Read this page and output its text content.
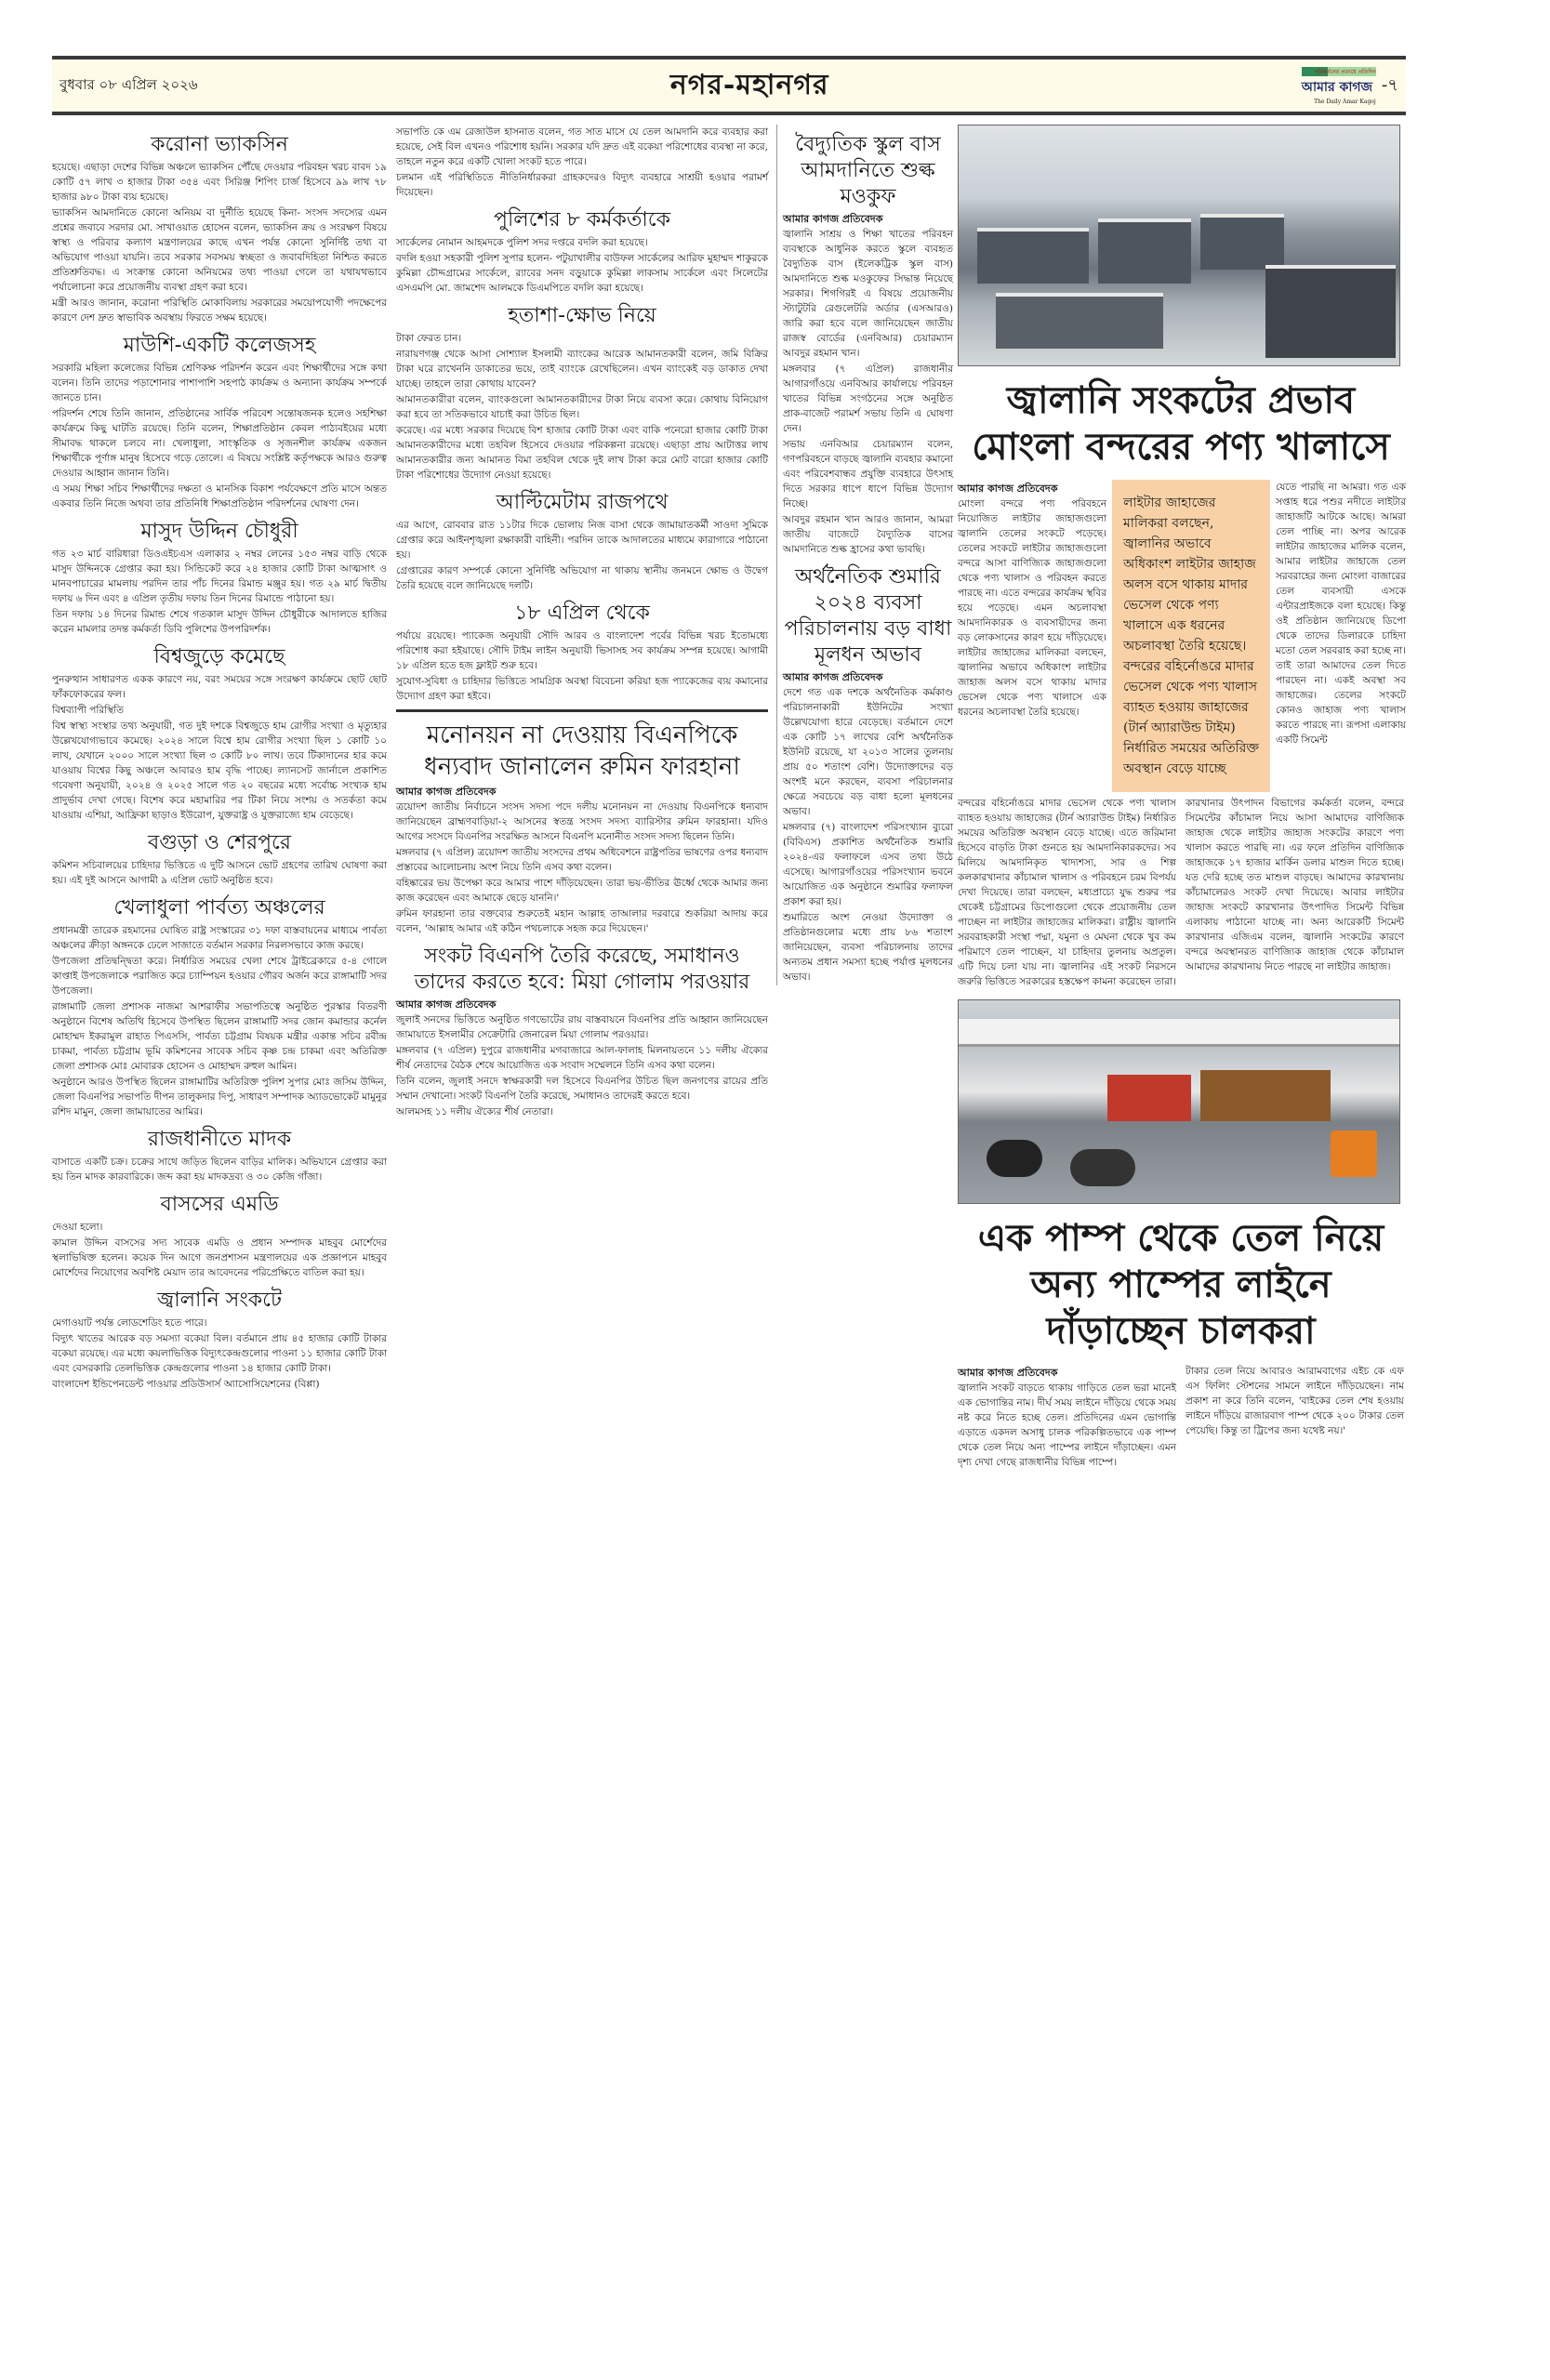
বুধবার ০৮ এপ্রিল ২০২৬	নগর-মহানগর	পরিবর্তনের প্রত্যয়ে প্রতিদিন
আমার কাগজ
The Daily Amar Kagoj
-৭
করোনা ভ্যাকসিন

হয়েছে। এছাড়া দেশের বিভিন্ন অঞ্চলে ভ্যাকসিন পৌঁছে দেওয়ার পরিবহন খরচ বাবদ ১৯ কোটি ৫৭ লাখ ৩ হাজার টাকা ৩৫৪ এবং সিরিঞ্জ শিপিং চার্জ হিসেবে ৯৯ লাখ ৭৮ হাজার ৯৮০ টাকা ব্যয় হয়েছে।

ভ্যাকসিন আমদানিতে কোনো অনিয়ম বা দুর্নীতি হয়েছে কিনা- সংসদ সদস্যের এমন প্রশ্নের জবাবে সরদার মো. সাখাওয়াত হোসেন বলেন, ভ্যাকসিন ক্রয় ও সংরক্ষণ বিষয়ে স্বাস্থ্য ও পরিবার কল্যাণ মন্ত্রণালয়ের কাছে এখন পর্যন্ত কোনো সুনির্দিষ্ট তথ্য বা অভিযোগ পাওয়া যায়নি। তবে সরকার সবসময় স্বচ্ছতা ও জবাবদিহিতা নিশ্চিত করতে প্রতিশ্রুতিবদ্ধ। এ সংক্রান্ত কোনো অনিয়মের তথ্য পাওয়া গেলে তা যথাযথভাবে পর্যালোচনা করে প্রয়োজনীয় ব্যবস্থা গ্রহণ করা হবে।

মন্ত্রী আরও জানান, করোনা পরিস্থিতি মোকাবিলায় সরকারের সময়োপযোগী পদক্ষেপের কারণে দেশ দ্রুত স্বাভাবিক অবস্থায় ফিরতে সক্ষম হয়েছে।

মাউশি-একটি কলেজসহ

সরকারি মহিলা কলেজের বিভিন্ন শ্রেণিকক্ষ পরিদর্শন করেন এবং শিক্ষার্থীদের সঙ্গে কথা বলেন। তিনি তাদের পড়াশোনার পাশাপাশি সহপাঠ কার্যক্রম ও অন্যান্য কার্যক্রম সম্পর্কে জানতে চান।

পরিদর্শন শেষে তিনি জানান, প্রতিষ্ঠানের সার্বিক পরিবেশ সন্তোষজনক হলেও সহশিক্ষা কার্যক্রমে কিছু ঘাটতি রয়েছে। তিনি বলেন, শিক্ষাপ্রতিষ্ঠান কেবল পাঠ্যবইয়ের মধ্যে সীমাবদ্ধ থাকলে চলবে না। খেলাধুলা, সাংস্কৃতিক ও সৃজনশীল কার্যক্রম একজন শিক্ষার্থীকে পূর্ণাঙ্গ মানুষ হিসেবে গড়ে তোলে। এ বিষয়ে সংশ্লিষ্ট কর্তৃপক্ষকে আরও গুরুত্ব দেওয়ার আহ্বান জানান তিনি।

এ সময় শিক্ষা সচিব শিক্ষার্থীদের দক্ষতা ও মানসিক বিকাশ পর্যবেক্ষণে প্রতি মাসে অন্তত একবার তিনি নিজে অথবা তার প্রতিনিধি শিক্ষাপ্রতিষ্ঠান পরিদর্শনের ঘোষণা দেন।

মাসুদ উদ্দিন চৌধুরী

গত ২৩ মার্চ বারিধারা ডিওএইচএস এলাকার ২ নম্বর লেনের ১৫৩ নম্বর বাড়ি থেকে মাসুদ উদ্দিনকে গ্রেপ্তার করা হয়। সিন্ডিকেট করে ২৪ হাজার কোটি টাকা আত্মসাৎ ও মানবপাচারের মামলায় পরদিন তার পাঁচ দিনের রিমান্ড মঞ্জুর হয়। গত ২৯ মার্চ দ্বিতীয় দফায় ৬ দিন এবং ৪ এপ্রিল তৃতীয় দফায় তিন দিনের রিমান্ডে পাঠানো হয়।

তিন দফায় ১৪ দিনের রিমান্ড শেষে গতকাল মাসুদ উদ্দিন চৌধুরীকে আদালতে হাজির করেন মামলার তদন্ত কর্মকর্তা ডিবি পুলিশের উপপরিদর্শক।

বিশ্বজুড়ে কমেছে

পুনরুত্থান সাধারণত একক কারণে নয়, বরং সময়ের সঙ্গে সংরক্ষণ কার্যক্রমে ছোট ছোট ফাঁকফোকরের ফল।

বিশ্বব্যাপী পরিস্থিতি

বিশ্ব স্বাস্থ্য সংস্থার তথ্য অনুযায়ী, গত দুই দশকে বিশ্বজুড়ে হাম রোগীর সংখ্যা ও মৃত্যুহার উল্লেখযোগ্যভাবে কমেছে। ২০২৪ সালে বিশ্বে হাম রোগীর সংখ্যা ছিল ১ কোটি ১০ লাখ, যেখানে ২০০০ সালে সংখ্যা ছিল ৩ কোটি ৮০ লাখ। তবে টিকাদানের হার কমে যাওয়ায় বিশ্বের কিছু অঞ্চলে আবারও হাম বৃদ্ধি পাচ্ছে। ল্যানসেট জার্নালে প্রকাশিত গবেষণা অনুযায়ী, ২০২৪ ও ২০২৫ সালে গত ২০ বছরের মধ্যে সর্বোচ্চ সংখ্যক হাম প্রাদুর্ভাব দেখা গেছে। বিশেষ করে মহামারির পর টিকা নিয়ে সংশয় ও সতর্কতা কমে যাওয়ায় এশিয়া, আফ্রিকা ছাড়াও ইউরোপ, যুক্তরাষ্ট্র ও যুক্তরাজ্যে হাম বেড়েছে।

বগুড়া ও শেরপুরে

কমিশন সচিবালয়ের চাহিদার ভিত্তিতে এ দুটি আসনে ভোট গ্রহণের তারিখ ঘোষণা করা হয়। এই দুই আসনে আগামী ৯ এপ্রিল ভোট অনুষ্ঠিত হবে।

খেলাধুলা পার্বত্য অঞ্চলের

প্রধানমন্ত্রী তারেক রহমানের ঘোষিত রাষ্ট্র সংস্কারের ৩১ দফা বাস্তবায়নের মাধ্যমে পার্বত্য অঞ্চলের ক্রীড়া অঙ্গনকে ঢেলে সাজাতে বর্তমান সরকার নিরলসভাবে কাজ করছে।

উপজেলা প্রতিদ্বন্দ্বিতা করে। নির্ধারিত সময়ের খেলা শেষে ট্রাইব্রেকারে ৫-৪ গোলে কাপ্তাই উপজেলাকে পরাজিত করে চ্যাম্পিয়ন হওয়ার গৌরব অর্জন করে রাঙ্গামাটি সদর উপজেলা।

রাঙ্গামাটি জেলা প্রশাসক নাজমা আশরাফীর সভাপতিত্বে অনুষ্ঠিত পুরস্কার বিতরণী অনুষ্ঠানে বিশেষ অতিথি হিসেবে উপস্থিত ছিলেন রাঙ্গামাটি সদর জোন কমান্ডার কর্নেল মোহাম্মদ ইকরামুল রাহাত পিএসসি, পার্বত্য চট্টগ্রাম বিষয়ক মন্ত্রীর একান্ত সচিব রবীন্দ্র চাকমা, পার্বত্য চট্টগ্রাম ভূমি কমিশনের সাবেক সচিব কৃষ্ণ চন্দ্র চাকমা এবং অতিরিক্ত জেলা প্রশাসক মোঃ মোবারক হোসেন ও মোহাম্মদ রুহুল আমিন।

অনুষ্ঠানে আরও উপস্থিত ছিলেন রাঙ্গামাটির অতিরিক্ত পুলিশ সুপার মোঃ জসিম উদ্দিন, জেলা বিএনপির সভাপতি দীপন তালুকদার দিপু, সাধারণ সম্পাদক অ্যাডভোকেট মামুনুর রশিদ মামুন, জেলা জামায়াতের আমির।

রাজধানীতে মাদক

বাসাতে একটি চক্র। চক্রের সাথে জড়িত ছিলেন বাড়ির মালিক। অভিযানে গ্রেপ্তার করা হয় তিন মাদক কারবারিকে। জব্দ করা হয় মাদকদ্রব্য ও ৩০ কেজি গাঁজা।

বাসসের এমডি

দেওয়া হলো।

কামাল উদ্দিন বাসসের সদ্য সাবেক এমডি ও প্রধান সম্পাদক মাহবুব মোর্শেদের স্থলাভিষিক্ত হলেন। কয়েক দিন আগে জনপ্রশাসন মন্ত্রণালয়ের এক প্রজ্ঞাপনে মাহবুব মোর্শেদের নিয়োগের অবশিষ্ট মেয়াদ তার আবেদনের পরিপ্রেক্ষিতে বাতিল করা হয়।

জ্বালানি সংকটে

মেগাওয়াট পর্যন্ত লোডশেডিং হতে পারে।

বিদ্যুৎ খাতের আরেক বড় সমস্যা বকেয়া বিল। বর্তমানে প্রায় ৪৫ হাজার কোটি টাকার বকেয়া রয়েছে। এর মধ্যে কয়লাভিত্তিক বিদ্যুৎকেন্দ্রগুলোর পাওনা ১১ হাজার কোটি টাকা এবং বেসরকারি তেলভিত্তিক কেন্দ্রগুলোর পাওনা ১৪ হাজার কোটি টাকা।

বাংলাদেশ ইন্ডিপেনডেন্ট পাওয়ার প্রডিউসার্স অ্যাসোসিয়েশনের (বিপ্পা)

সভাপতি কে এম রেজাউল হাসনাত বলেন, গত সাত মাসে যে তেল আমদানি করে ব্যবহার করা হয়েছে, সেই বিল এখনও পরিশোধ হয়নি। সরকার যদি দ্রুত এই বকেয়া পরিশোধের ব্যবস্থা না করে, তাহলে নতুন করে একটি খোলা সংকট হতে পারে।

চলমান এই পরিস্থিতিতে নীতিনির্ধারকরা গ্রাহকদেরও বিদ্যুৎ ব্যবহারে সাশ্রয়ী হওয়ার পরামর্শ দিয়েছেন।

পুলিশের ৮ কর্মকর্তাকে

সার্কেলের নোমান আহমদকে পুলিশ সদর দপ্তরে বদলি করা হয়েছে।

বদলি হওয়া সহকারী পুলিশ সুপার হলেন- পটুয়াখালীর বাউফল সার্কেলের আরিফ মুহাম্মদ শাকুরকে কুমিল্লা চৌদ্দগ্রামের সার্কেলে, র‌্যাবের সনদ বড়ুয়াকে কুমিল্লা লাকসাম সার্কেলে এবং সিলেটের এসএমপি মো. জামশেদ আলমকে ডিএমপিতে বদলি করা হয়েছে।

হতাশা-ক্ষোভ নিয়ে

টাকা ফেরত চান।

নারায়ণগঞ্জ থেকে আসা সোশ্যাল ইসলামী ব্যাংকের আরেক আমানতকারী বলেন, জমি বিক্রির টাকা ঘরে রাখেননি ডাকাতের ভয়ে, তাই ব্যাংকে রেখেছিলেন। এখন ব্যাংকেই বড় ডাকাত দেখা যাচ্ছে। তাহলে তারা কোথায় যাবেন?

আমানতকারীরা বলেন, ব্যাংকগুলো আমানতকারীদের টাকা নিয়ে ব্যবসা করে। কোথায় বিনিয়োগ করা হবে তা সতিকভাবে যাচাই করা উচিত ছিল।

করেছে। এর মধ্যে সরকার দিয়েছে বিশ হাজার কোটি টাকা এবং বাকি পনেরো হাজার কোটি টাকা আমানতকারীদের মধ্যে তহবিল হিসেবে দেওয়ার পরিকল্পনা রয়েছে। এছাড়া প্রায় আটাত্তর লাখ আমানতকারীর জন্য আমানত বিমা তহবিল থেকে দুই লাখ টাকা করে মোট বারো হাজার কোটি টাকা পরিশোধের উদ্যোগ নেওয়া হয়েছে।

আল্টিমেটাম রাজপথে

এর আগে, রোববার রাত ১১টার দিকে ভোলায় নিজ বাসা থেকে জামায়াতকর্মী সাওদা সুমিকে গ্রেপ্তার করে আইনশৃঙ্খলা রক্ষাকারী বাহিনী। পরদিন তাকে আদালতের মাধ্যমে কারাগারে পাঠানো হয়।

গ্রেপ্তারের কারণ সম্পর্কে কোনো সুনির্দিষ্ট অভিযোগ না থাকায় স্থানীয় জনমনে ক্ষোভ ও উদ্বেগ তৈরি হয়েছে বলে জানিয়েছে দলটি।

১৮ এপ্রিল থেকে

পর্যায়ে রয়েছে। প্যাকেজ অনুযায়ী সৌদি আরব ও বাংলাদেশ পর্বের বিভিন্ন খরচ ইতোমধ্যে পরিশোধ করা হইয়াছে। সৌদি টাইম লাইন অনুযায়ী ভিসাসহ সব কার্যক্রম সম্পন্ন হয়েছে। আগামী ১৮ এপ্রিল হতে হজ ফ্লাইট শুরু হবে।

সুযোগ-সুবিধা ও চাহিদার ভিত্তিতে সামগ্রিক অবস্থা বিবেচনা করিয়া হজ প্যাকেজের ব্যয় কমানোর উদ্যোগ গ্রহণ করা হইবে।

মনোনয়ন না দেওয়ায় বিএনপিকে ধন্যবাদ জানালেন রুমিন ফারহানা
আমার কাগজ প্রতিবেদক

ত্রয়োদশ জাতীয় নির্বাচনে সংসদ সদস্য পদে দলীয় মনোনয়ন না দেওয়ায় বিএনপিকে ধন্যবাদ জানিয়েছেন ব্রাহ্মণবাড়িয়া-২ আসনের স্বতন্ত্র সংসদ সদস্য ব্যারিস্টার রুমিন ফারহানা। যদিও আগের সংসদে বিএনপির সংরক্ষিত আসনে বিএনপি মনোনীত সংসদ সদস্য ছিলেন তিনি।

মঙ্গলবার (৭ এপ্রিল) ত্রয়োদশ জাতীয় সংসদের প্রথম অধিবেশনে রাষ্ট্রপতির ভাষণের ওপর ধন্যবাদ প্রস্তাবের আলোচনায় অংশ নিয়ে তিনি এসব কথা বলেন।

বহিষ্কারের ভয় উপেক্ষা করে আমার পাশে দাঁড়িয়েছেন। তারা ভয়-ভীতির ঊর্ধ্বে থেকে আমার জন্য কাজ করেছেন এবং আমাকে ছেড়ে যাননি।'

রুমিন ফারহানা তার বক্তব্যের শুরুতেই মহান আল্লাহ তাআলার দরবারে শুকরিয়া আদায় করে বলেন, 'আল্লাহ আমার এই কঠিন পথচলাকে সহজ করে দিয়েছেন।'

সংকট বিএনপি তৈরি করেছে, সমাধানও তাদের করতে হবে: মিয়া গোলাম পরওয়ার
আমার কাগজ প্রতিবেদক

জুলাই সনদের ভিত্তিতে অনুষ্ঠিত গণভোটের রায় বাস্তবায়নে বিএনপির প্রতি আহ্বান জানিয়েছেন জামায়াতে ইসলামীর সেক্রেটারি জেনারেল মিয়া গোলাম পরওয়ার।

মঙ্গলবার (৭ এপ্রিল) দুপুরে রাজধানীর মগবাজারে আল-ফালাহ মিলনায়তনে ১১ দলীয় ঐক্যের শীর্ষ নেতাদের বৈঠক শেষে আয়োজিত এক সংবাদ সম্মেলনে তিনি এসব কথা বলেন।

তিনি বলেন, জুলাই সনদে স্বাক্ষরকারী দল হিসেবে বিএনপির উচিত ছিল জনগণের রায়ের প্রতি সম্মান দেখানো। সংকট বিএনপি তৈরি করেছে, সমাধানও তাদেরই করতে হবে।

আলমসহ ১১ দলীয় ঐক্যের শীর্ষ নেতারা।

বৈদ্যুতিক স্কুল বাস আমদানিতে শুল্ক মওকুফ
আমার কাগজ প্রতিবেদক

জ্বালানি সাশ্রয় ও শিক্ষা খাতের পরিবহন ব্যবস্থাকে আধুনিক করতে স্কুলে ব্যবহৃত বৈদ্যুতিক বাস (ইলেকট্রিক স্কুল বাস) আমদানিতে শুল্ক মওকুফের সিদ্ধান্ত নিয়েছে সরকার। শিগগিরই এ বিষয়ে প্রয়োজনীয় স্ট্যাটুটরি রেগুলেটরি অর্ডার (এসআরও) জারি করা হবে বলে জানিয়েছেন জাতীয় রাজস্ব বোর্ডের (এনবিআর) চেয়ারম্যান আবদুর রহমান খান।

মঙ্গলবার (৭ এপ্রিল) রাজধানীর আগারগাঁওয়ে এনবিআর কার্যালয়ে পরিবহন খাতের বিভিন্ন সংগঠনের সঙ্গে অনুষ্ঠিত প্রাক-বাজেট পরামর্শ সভায় তিনি এ ঘোষণা দেন।

সভায় এনবিআর চেয়ারম্যান বলেন, গণপরিবহনে বাড়ছে জ্বালানি ব্যবহার কমানো এবং পরিবেশবান্ধব প্রযুক্তি ব্যবহারে উৎসাহ দিতে সরকার ধাপে ধাপে বিভিন্ন উদ্যোগ নিচ্ছে।

আবদুর রহমান খান আরও জানান, আমরা জাতীয় বাজেটে বৈদ্যুতিক বাসের আমদানিতে শুল্ক হ্রাসের কথা ভাবছি।

অর্থনৈতিক শুমারি ২০২৪ ব্যবসা পরিচালনায় বড় বাধা মূলধন অভাব
আমার কাগজ প্রতিবেদক

দেশে গত এক দশকে অর্থনৈতিক কর্মকাণ্ড পরিচালনাকারী ইউনিটের সংখ্যা উল্লেখযোগ্য হারে বেড়েছে। বর্তমানে দেশে এক কোটি ১৭ লাখের বেশি অর্থনৈতিক ইউনিট রয়েছে, যা ২০১৩ সালের তুলনায় প্রায় ৫০ শতাংশ বেশি। উদ্যোক্তাদের বড় অংশই মনে করছেন, ব্যবসা পরিচালনার ক্ষেত্রে সবচেয়ে বড় বাধা হলো মূলধনের অভাব।

মঙ্গলবার (৭) বাংলাদেশ পরিসংখ্যান ব্যুরো (বিবিএস) প্রকাশিত অর্থনৈতিক শুমারি ২০২৪-এর ফলাফলে এসব তথ্য উঠে এসেছে। আগারগাঁওয়ের পরিসংখ্যান ভবনে আয়োজিত এক অনুষ্ঠানে শুমারির ফলাফল প্রকাশ করা হয়।

শুমারিতে অংশ নেওয়া উদ্যোক্তা ও প্রতিষ্ঠানগুলোর মধ্যে প্রায় ৮৬ শতাংশ জানিয়েছেন, ব্যবসা পরিচালনায় তাদের অন্যতম প্রধান সমস্যা হচ্ছে পর্যাপ্ত মূলধনের অভাব।

জ্বালানি সংকটের প্রভাব মোংলা বন্দরের পণ্য খালাসে
আমার কাগজ প্রতিবেদক

মোংলা বন্দরে পণ্য পরিবহনে নিয়োজিত লাইটার জাহাজগুলো জ্বালানি তেলের সংকটে পড়েছে। তেলের সংকটে লাইটার জাহাজগুলো বন্দরে আসা বাণিজ্যিক জাহাজগুলো থেকে পণ্য খালাস ও পরিবহন করতে পারছে না। এতে বন্দরের কার্যক্রম স্থবির হয়ে পড়েছে। এমন অচলাবস্থা আমদানিকারক ও ব্যবসায়ীদের জন্য বড় লোকসানের কারণ হয়ে দাঁড়িয়েছে। লাইটার জাহাজের মালিকরা বলছেন, জ্বালানির অভাবে অধিকাংশ লাইটার জাহাজ অলস বসে থাকায় মাদার ভেসেল থেকে পণ্য খালাসে এক ধরনের অচলাবস্থা তৈরি হয়েছে।

লাইটার জাহাজের মালিকরা বলছেন, জ্বালানির অভাবে অধিকাংশ লাইটার জাহাজ অলস বসে থাকায় মাদার ভেসেল থেকে পণ্য খালাসে এক ধরনের অচলাবস্থা তৈরি হয়েছে। বন্দরের বহির্নোঙরে মাদার ভেসেল থেকে পণ্য খালাস ব্যাহত হওয়ায় জাহাজের (টার্ন অ্যারাউন্ড টাইম) নির্ধারিত সময়ের অতিরিক্ত অবস্থান বেড়ে যাচ্ছে

যেতে পারছি না আমরা। গত এক সপ্তাহ ধরে পশুর নদীতে লাইটার জাহাজটি আটকে আছে। আমরা তেল পাচ্ছি না। অপর আরেক লাইটার জাহাজের মালিক বলেন, আমার লাইটার জাহাজে তেল সরবরাহের জন্য মোংলা বাজারের তেল ব্যবসায়ী এসকে এন্টারপ্রাইজকে বলা হয়েছে। কিন্তু ওই প্রতিষ্ঠান জানিয়েছে ডিপো থেকে তাদের ডিলারকে চাহিদা মতো তেল সরবরাহ করা হচ্ছে না। তাই তারা আমাদের তেল দিতে পারছেন না। একই অবস্থা সব জাহাজের। তেলের সংকটে কোনও জাহাজ পণ্য খালাস করতে পারছে না। রূপসা এলাকায় একটি সিমেন্ট

বন্দরের বহির্নোঙরে মাদার ভেসেল থেকে পণ্য খালাস ব্যাহত হওয়ায় জাহাজের (টার্ন অ্যারাউন্ড টাইম) নির্ধারিত সময়ের অতিরিক্ত অবস্থান বেড়ে যাচ্ছে। এতে জরিমানা হিসেবে বাড়তি টাকা গুনতে হয় আমদানিকারকদের। সব মিলিয়ে আমদানিকৃত খাদ্যশস্য, সার ও শিল্প কলকারখানার কাঁচামাল খালাস ও পরিবহনে চরম বিপর্যয় দেখা দিয়েছে। তারা বলছেন, মধ্যপ্রাচ্যে যুদ্ধ শুরুর পর থেকেই চট্টগ্রামের ডিপোগুলো থেকে প্রয়োজনীয় তেল পাচ্ছেন না লাইটার জাহাজের মালিকরা। রাষ্ট্রীয় জ্বালানি সরবরাহকারী সংস্থা পদ্মা, যমুনা ও মেঘনা থেকে খুব কম পরিমাণে তেল পাচ্ছেন, যা চাহিদার তুলনায় অপ্রতুল। এটি দিয়ে চলা যায় না। জ্বালানির এই সংকট নিরসনে জরুরি ভিত্তিতে সরকারের হস্তক্ষেপ কামনা করেছেন তারা।

কারখানার উৎপাদন বিভাগের কর্মকর্তা বলেন, বন্দরে সিমেন্টের কাঁচামাল নিয়ে আসা আমাদের বাণিজ্যিক জাহাজ থেকে লাইটার জাহাজ সংকটের কারণে পণ্য খালাস করতে পারছি না। এর ফলে প্রতিদিন বাণিজ্যিক জাহাজকে ১৭ হাজার মার্কিন ডলার মাশুল দিতে হচ্ছে। যত দেরি হচ্ছে তত মাশুল বাড়ছে। আমাদের কারখানায় কাঁচামালেরও সংকট দেখা দিয়েছে। আবার লাইটার জাহাজ সংকটে কারখানার উৎপাদিত সিমেন্ট বিভিন্ন এলাকায় পাঠানো যাচ্ছে না। অন্য আরেকটি সিমেন্ট কারখানার এজিএম বলেন, জ্বালানি সংকটের কারণে বন্দরে অবস্থানরত বাণিজ্যিক জাহাজ থেকে কাঁচামাল আমাদের কারখানায় নিতে পারছে না লাইটার জাহাজ।

এক পাম্প থেকে তেল নিয়ে অন্য পাম্পের লাইনে দাঁড়াচ্ছেন চালকরা
আমার কাগজ প্রতিবেদক

জ্বালানি সংকট বাড়তে থাকায় গাড়িতে তেল ভরা মানেই এক ভোগান্তির নাম। দীর্ঘ সময় লাইনে দাঁড়িয়ে থেকে সময় নষ্ট করে নিতে হচ্ছে তেল। প্রতিদিনের এমন ভোগান্তি এড়াতে একদল অসাধু চালক পরিকল্পিতভাবে এক পাম্প থেকে তেল নিয়ে অন্য পাম্পের লাইনে দাঁড়াচ্ছেন। এমন দৃশ্য দেখা গেছে রাজধানীর বিভিন্ন পাম্পে।

টাকার তেল নিয়ে আবারও আরামবাগের এইচ কে এফ এস ফিলিং স্টেশনের সামনে লাইনে দাঁড়িয়েছেন। নাম প্রকাশ না করে তিনি বলেন, 'বাইকের তেল শেষ হওয়ায় লাইনে দাঁড়িয়ে রাজারবাগ পাম্প থেকে ২০০ টাকার তেল পেয়েছি। কিন্তু তা ট্রিপের জন্য যথেষ্ট নয়।'
